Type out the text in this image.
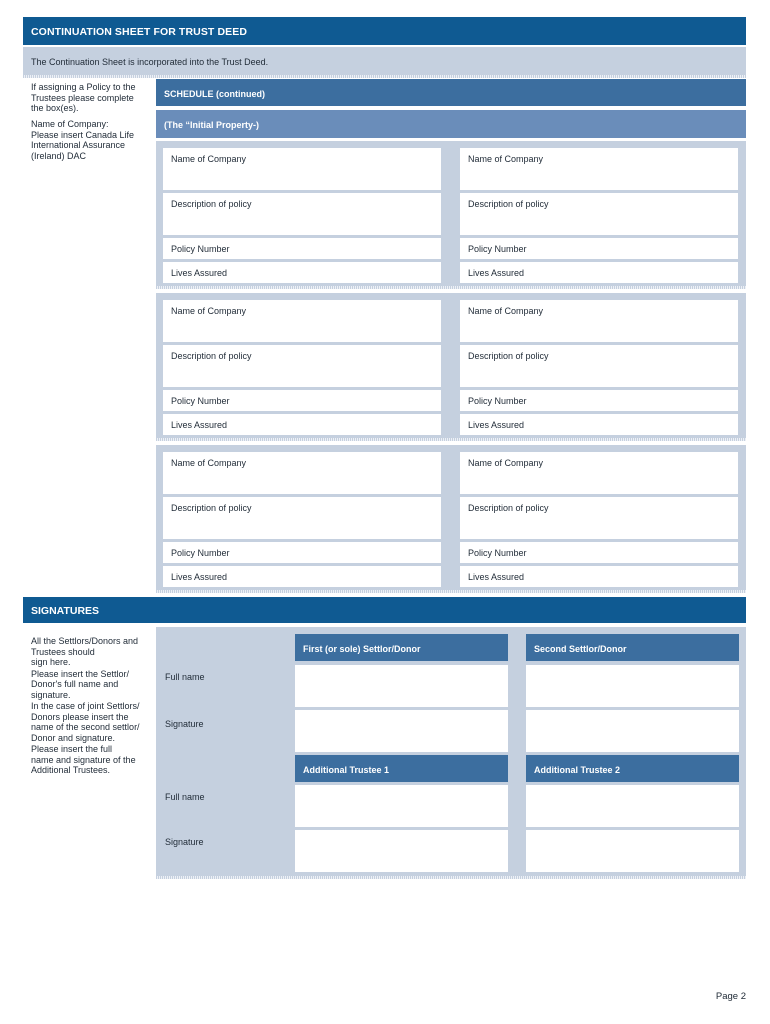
CONTINUATION SHEET FOR TRUST DEED
The Continuation Sheet is incorporated into the Trust Deed.
If assigning a Policy to the
Trustees please complete
the box(es).
Name of Company:
Please insert Canada Life
International Assurance
(Ireland) DAC
SCHEDULE (continued)
(The “Initial Property-)
Name of Company	Name of Company
Description of policy	Description of policy
Policy Number	Policy Number
Lives Assured	Lives Assured
Name of Company	Name of Company
Description of policy	Description of policy
Policy Number	Policy Number
Lives Assured	Lives Assured
Name of Company	Name of Company
Description of policy	Description of policy
Policy Number	Policy Number
Lives Assured	Lives Assured
SIGNATURES
All the Settlors/Donors and
Trustees should
sign here.
Please insert the Settlor/
Donor's full name and
signature.
In the case of joint Settlors/
Donors please insert the
name of the second settlor/
Donor and signature.
Please insert the full
name and signature of the
Additional Trustees.
First (or sole) Settlor/Donor	Second Settlor/Donor
Full name
Signature
Additional Trustee 1	Additional Trustee 2
Full name
Signature
Page 2
